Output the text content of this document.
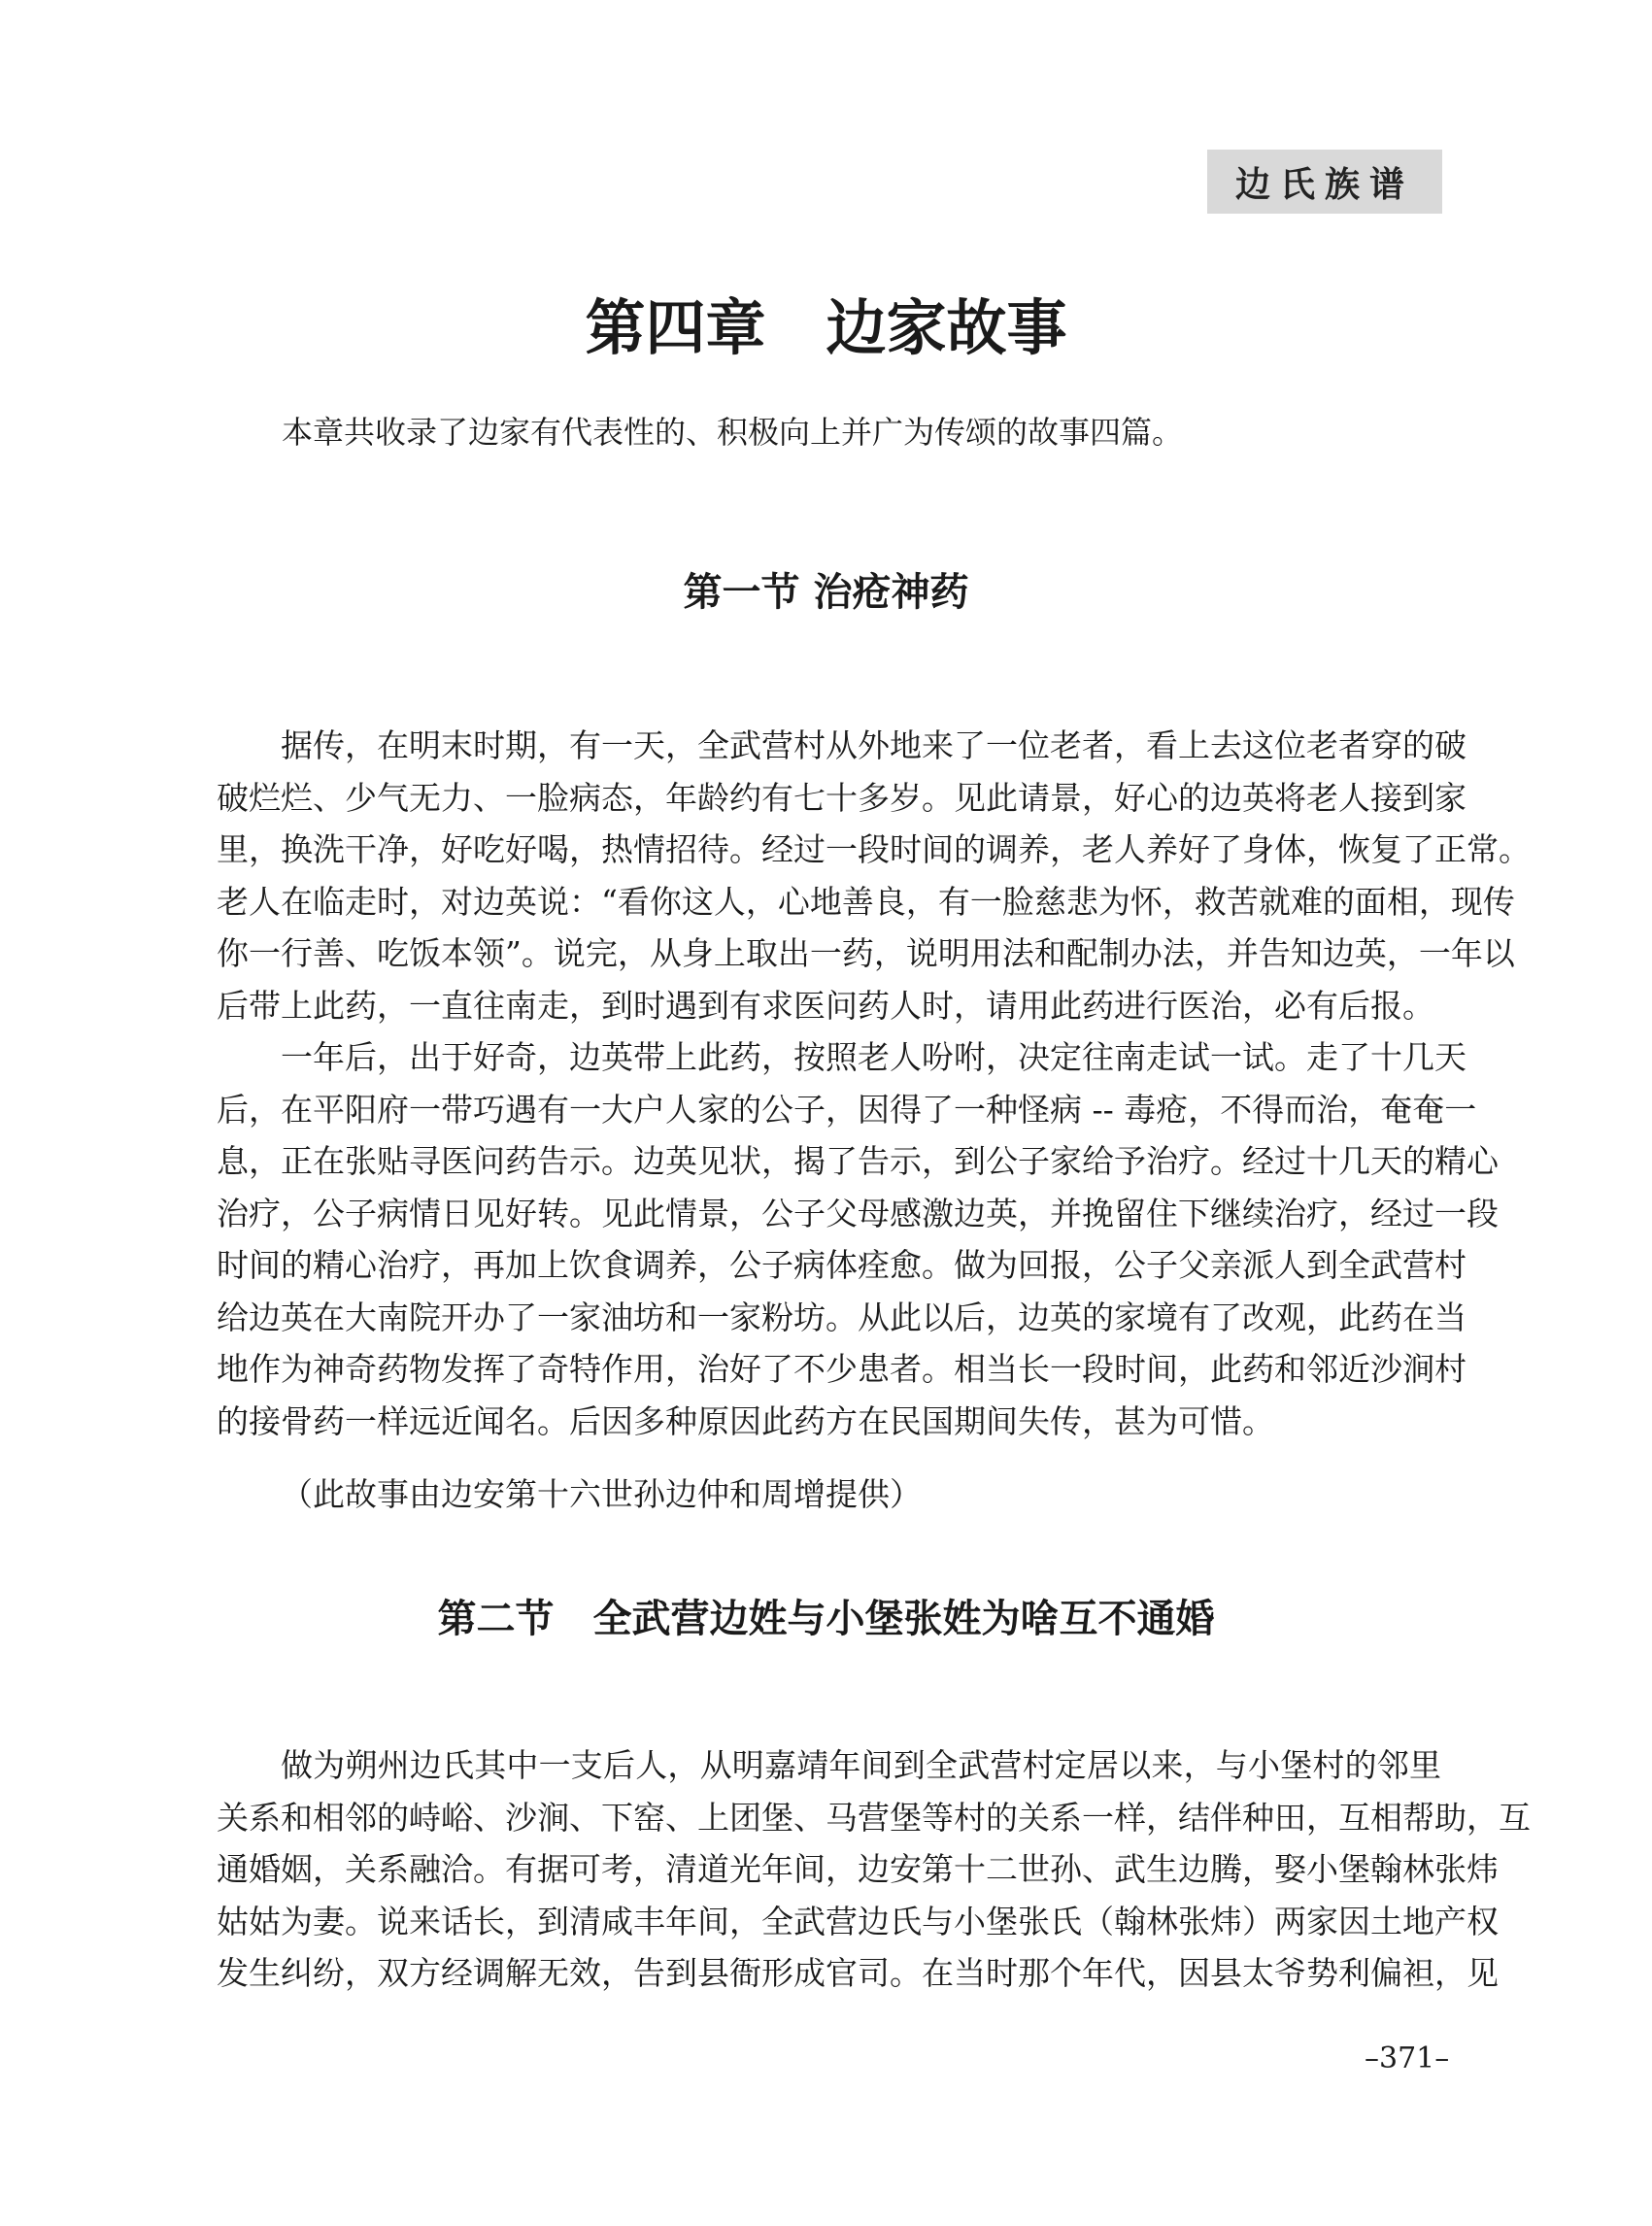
边氏族谱
第四章　边家故事
本章共收录了边家有代表性的、积极向上并广为传颂的故事四篇。
第一节 治疮神药
据传，在明末时期，有一天，全武营村从外地来了一位老者，看上去这位老者穿的破
破烂烂、少气无力、一脸病态，年龄约有七十多岁。见此请景，好心的边英将老人接到家
里，换洗干净，好吃好喝，热情招待。经过一段时间的调养，老人养好了身体，恢复了正常。
老人在临走时，对边英说：“看你这人，心地善良，有一脸慈悲为怀，救苦就难的面相，现传
你一行善、吃饭本领”。说完，从身上取出一药，说明用法和配制办法，并告知边英，一年以
后带上此药，一直往南走，到时遇到有求医问药人时，请用此药进行医治，必有后报。
一年后，出于好奇，边英带上此药，按照老人吩咐，决定往南走试一试。走了十几天
后，在平阳府一带巧遇有一大户人家的公子，因得了一种怪病 -- 毒疮，不得而治，奄奄一
息，正在张贴寻医问药告示。边英见状，揭了告示，到公子家给予治疗。经过十几天的精心
治疗，公子病情日见好转。见此情景，公子父母感激边英，并挽留住下继续治疗，经过一段
时间的精心治疗，再加上饮食调养，公子病体痊愈。做为回报，公子父亲派人到全武营村
给边英在大南院开办了一家油坊和一家粉坊。从此以后，边英的家境有了改观，此药在当
地作为神奇药物发挥了奇特作用，治好了不少患者。相当长一段时间，此药和邻近沙涧村
的接骨药一样远近闻名。后因多种原因此药方在民国期间失传，甚为可惜。
（此故事由边安第十六世孙边仲和周增提供）
第二节　全武营边姓与小堡张姓为啥互不通婚
做为朔州边氏其中一支后人，从明嘉靖年间到全武营村定居以来，与小堡村的邻里
关系和相邻的峙峪、沙涧、下窑、上团堡、马营堡等村的关系一样，结伴种田，互相帮助，互
通婚姻，关系融洽。有据可考，清道光年间，边安第十二世孙、武生边腾，娶小堡翰林张炜
姑姑为妻。说来话长，到清咸丰年间，全武营边氏与小堡张氏（翰林张炜）两家因土地产权
发生纠纷，双方经调解无效，告到县衙形成官司。在当时那个年代，因县太爷势利偏袒，见
–371–
